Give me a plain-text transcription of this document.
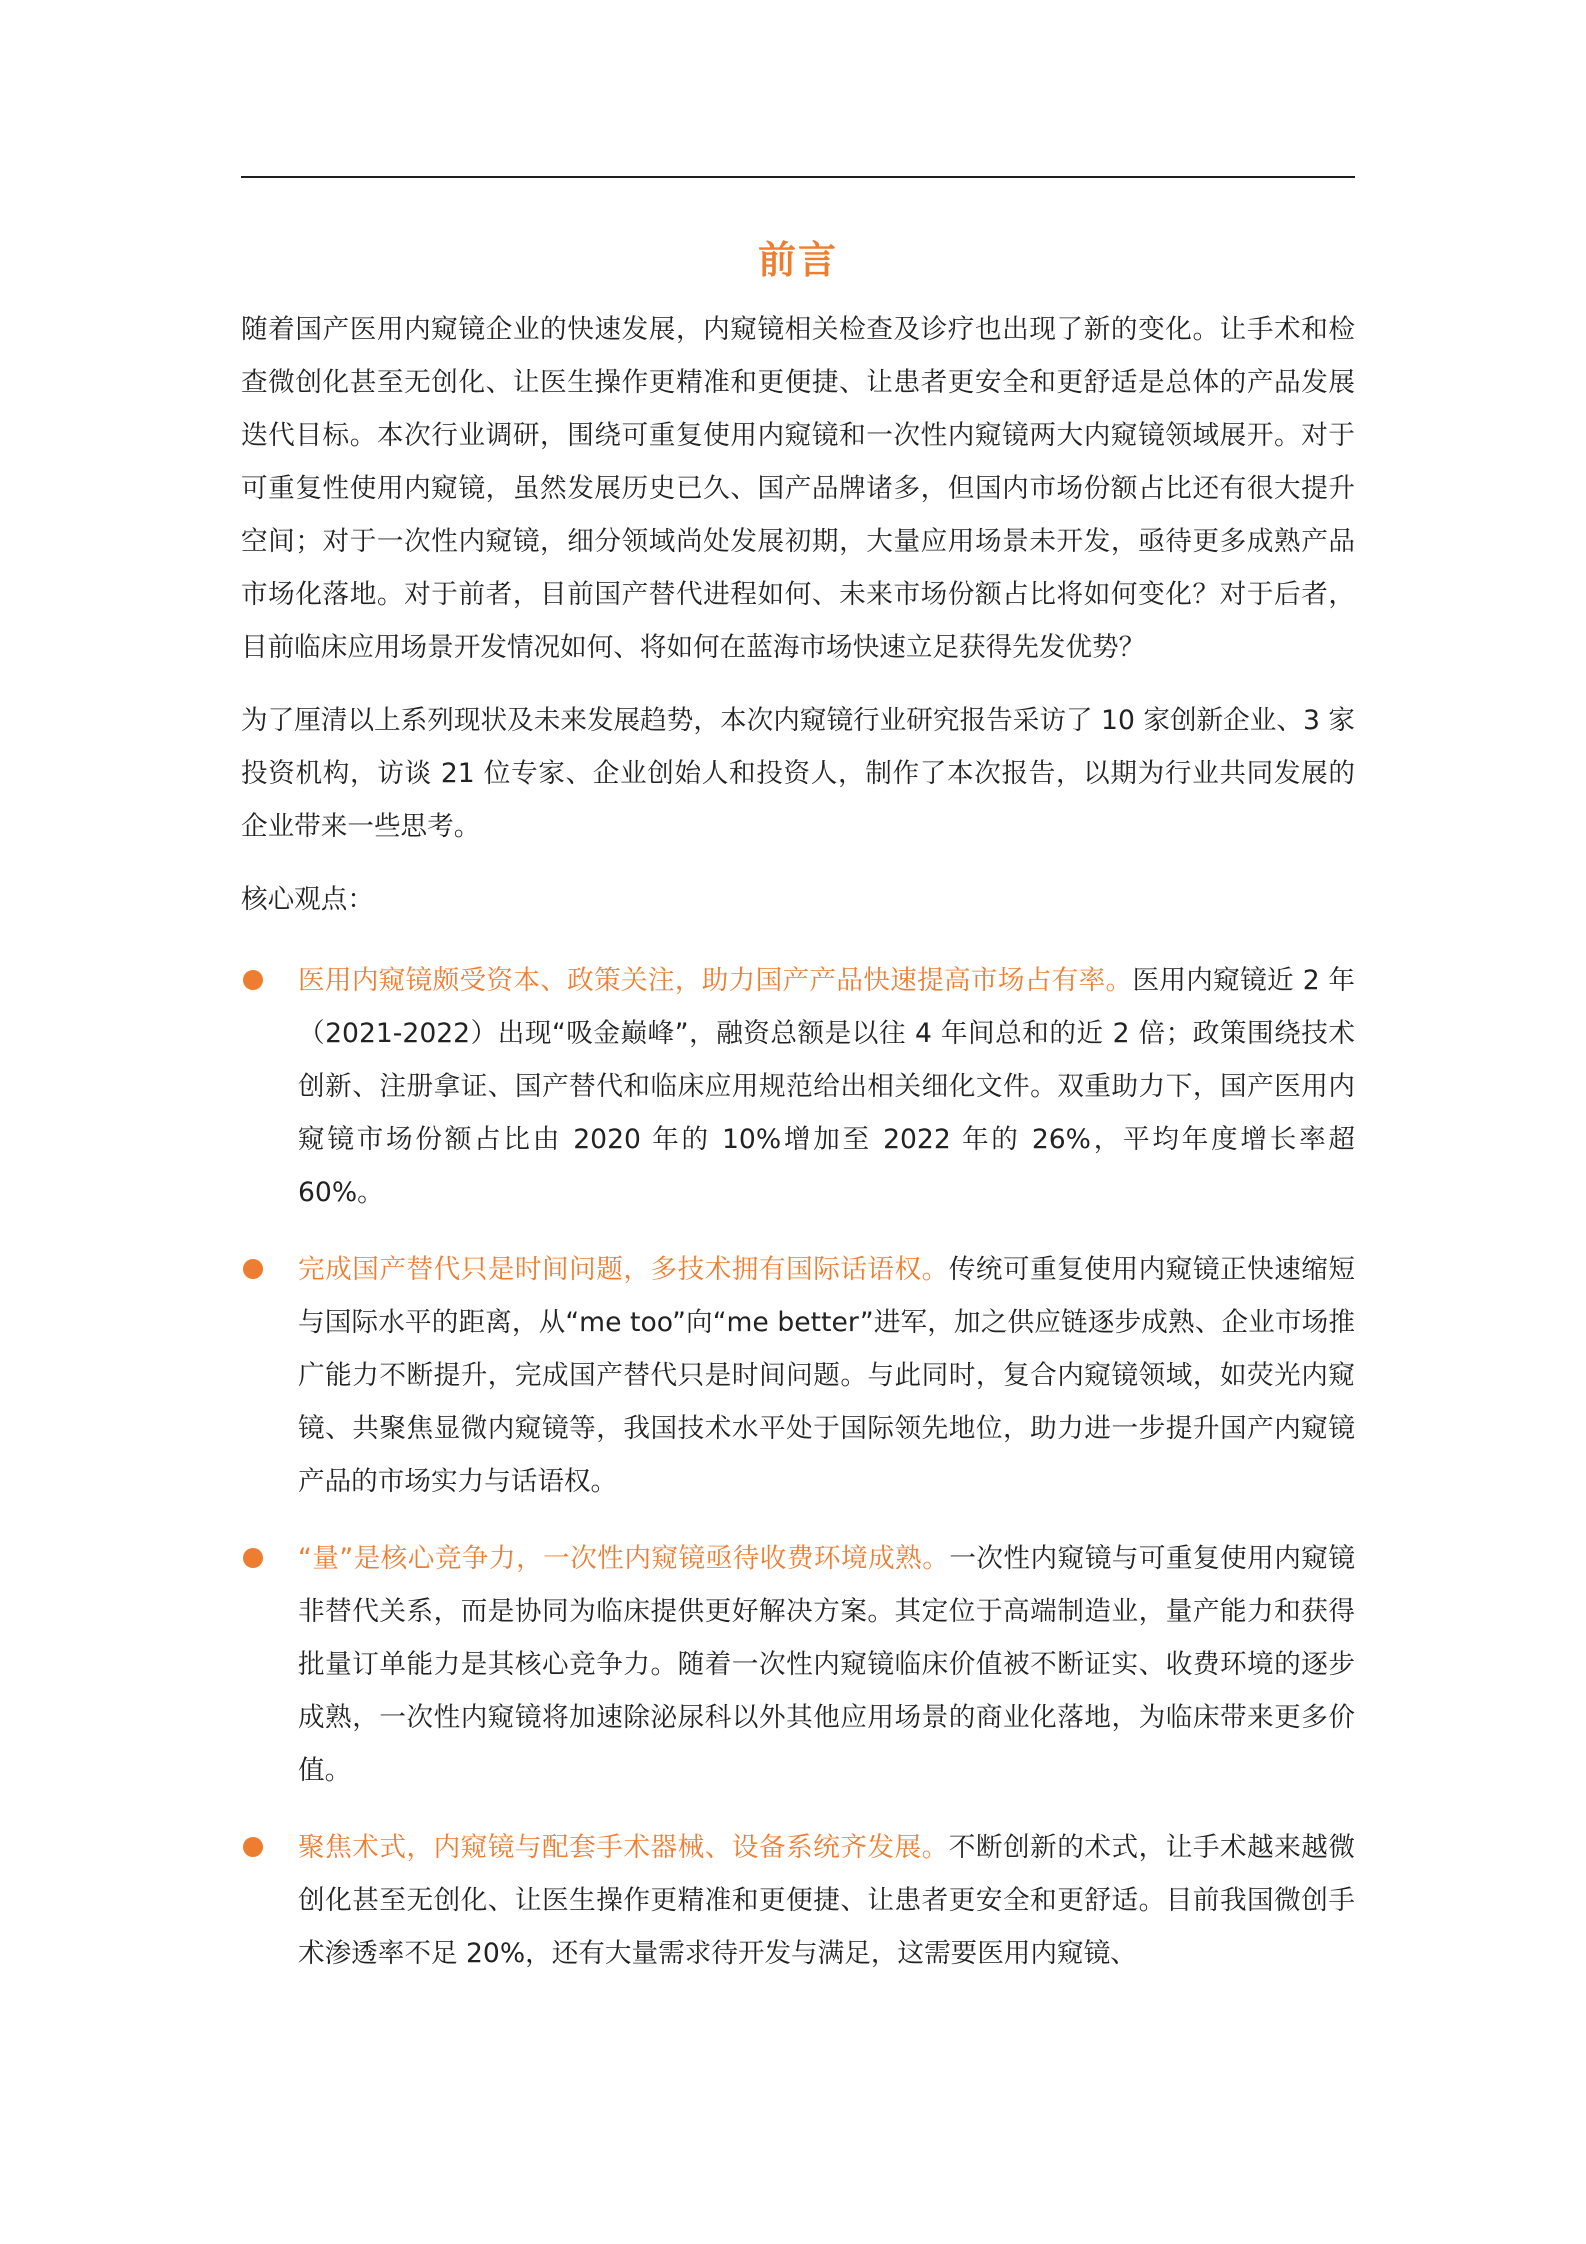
前言

随着国产医用内窥镜企业的快速发展，内窥镜相关检查及诊疗也出现了新的变化。让手术和检查微创化甚至无创化、让医生操作更精准和更便捷、让患者更安全和更舒适是总体的产品发展迭代目标。本次行业调研，围绕可重复使用内窥镜和一次性内窥镜两大内窥镜领域展开。对于可重复性使用内窥镜，虽然发展历史已久、国产品牌诸多，但国内市场份额占比还有很大提升空间；对于一次性内窥镜，细分领域尚处发展初期，大量应用场景未开发，亟待更多成熟产品市场化落地。对于前者，目前国产替代进程如何、未来市场份额占比将如何变化？对于后者，目前临床应用场景开发情况如何、将如何在蓝海市场快速立足获得先发优势？

为了厘清以上系列现状及未来发展趋势，本次内窥镜行业研究报告采访了 10 家创新企业、3 家投资机构，访谈 21 位专家、企业创始人和投资人，制作了本次报告，以期为行业共同发展的企业带来一些思考。

核心观点：

医用内窥镜颇受资本、政策关注，助力国产产品快速提高市场占有率。医用内窥镜近 2 年（2021-2022）出现“吸金巅峰”，融资总额是以往 4 年间总和的近 2 倍；政策围绕技术创新、注册拿证、国产替代和临床应用规范给出相关细化文件。双重助力下，国产医用内窥镜市场份额占比由 2020 年的 10%增加至 2022 年的 26%，平均年度增长率超 60%。
完成国产替代只是时间问题，多技术拥有国际话语权。传统可重复使用内窥镜正快速缩短与国际水平的距离，从“me too”向“me better”进军，加之供应链逐步成熟、企业市场推广能力不断提升，完成国产替代只是时间问题。与此同时，复合内窥镜领域，如荧光内窥镜、共聚焦显微内窥镜等，我国技术水平处于国际领先地位，助力进一步提升国产内窥镜产品的市场实力与话语权。
“量”是核心竞争力，一次性内窥镜亟待收费环境成熟。一次性内窥镜与可重复使用内窥镜非替代关系，而是协同为临床提供更好解决方案。其定位于高端制造业，量产能力和获得批量订单能力是其核心竞争力。随着一次性内窥镜临床价值被不断证实、收费环境的逐步成熟，一次性内窥镜将加速除泌尿科以外其他应用场景的商业化落地，为临床带来更多价值。
聚焦术式，内窥镜与配套手术器械、设备系统齐发展。不断创新的术式，让手术越来越微创化甚至无创化、让医生操作更精准和更便捷、让患者更安全和更舒适。目前我国微创手术渗透率不足 20%，还有大量需求待开发与满足，这需要医用内窥镜、
